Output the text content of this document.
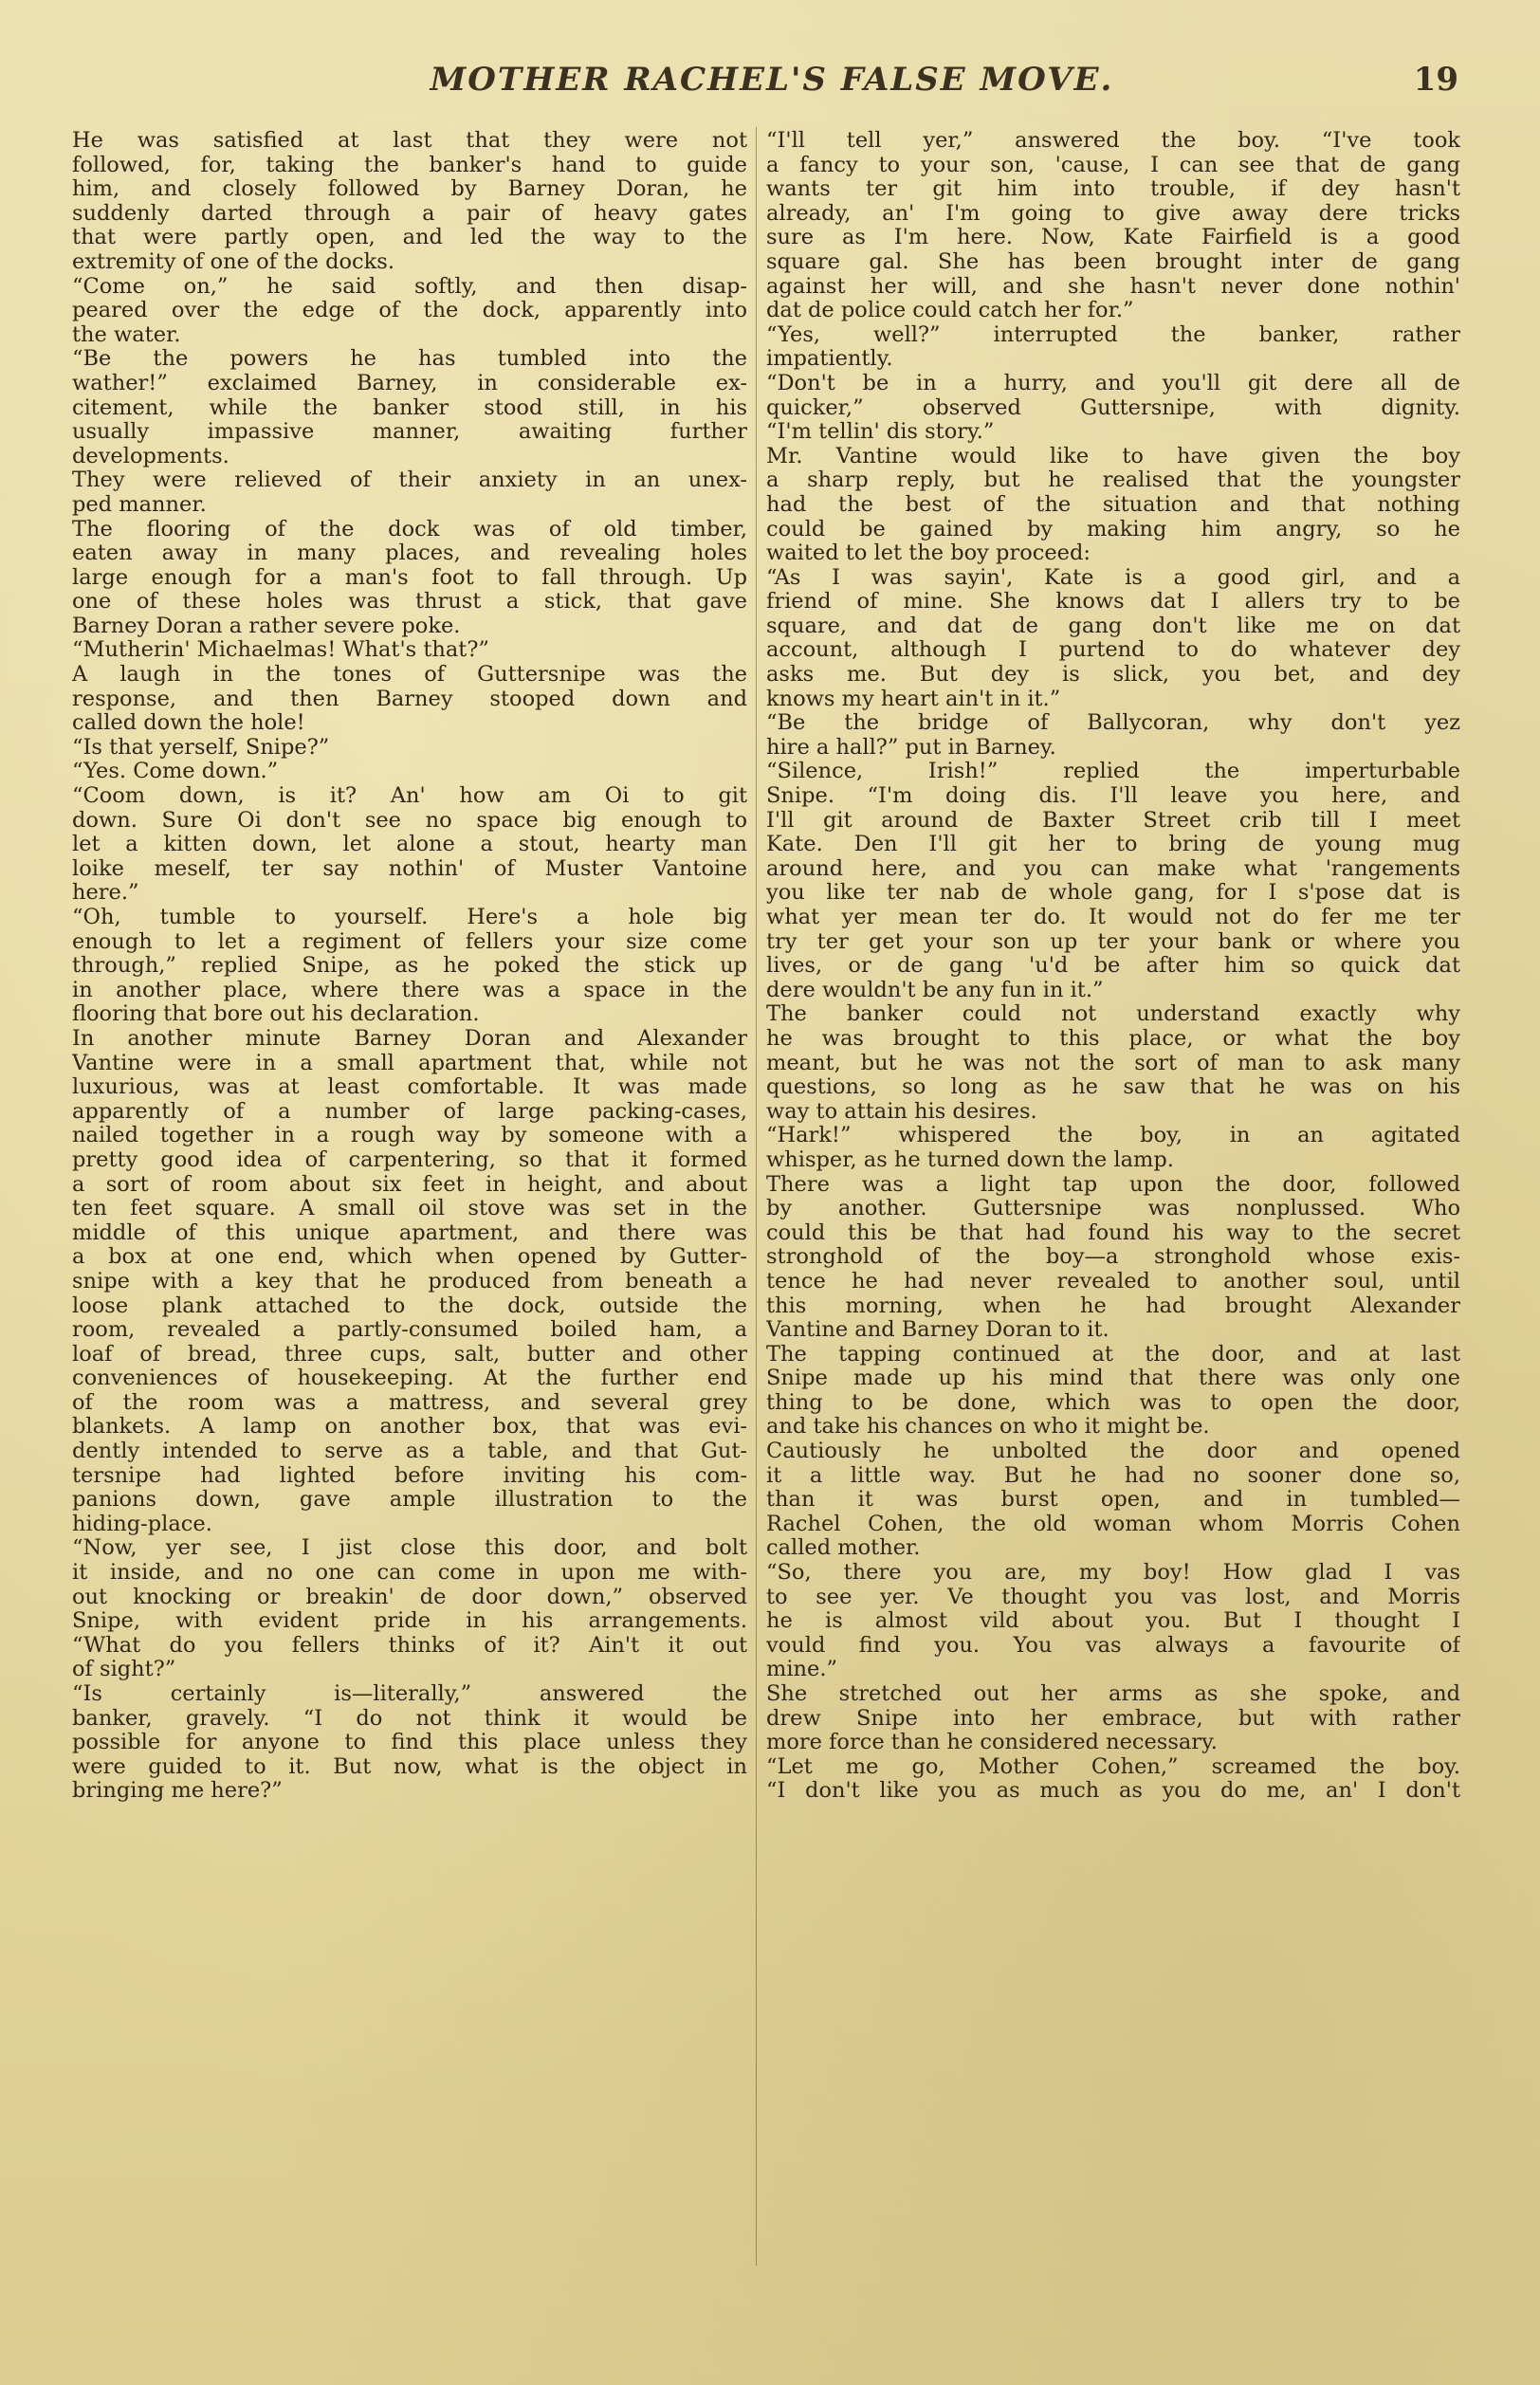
MOTHER RACHEL'S FALSE MOVE.	19
He was satisfied at last that they were not
followed, for, taking the banker's hand to guide
him, and closely followed by Barney Doran, he
suddenly darted through a pair of heavy gates
that were partly open, and led the way to the
extremity of one of the docks.
“Come on,” he said softly, and then disap-
peared over the edge of the dock, apparently into
the water.
“Be the powers he has tumbled into the
wather!” exclaimed Barney, in considerable ex-
citement, while the banker stood still, in his
usually impassive manner, awaiting further
developments.
They were relieved of their anxiety in an unex-
ped manner.
The flooring of the dock was of old timber,
eaten away in many places, and revealing holes
large enough for a man's foot to fall through. Up
one of these holes was thrust a stick, that gave
Barney Doran a rather severe poke.
“Mutherin' Michaelmas! What's that?”
A laugh in the tones of Guttersnipe was the
response, and then Barney stooped down and
called down the hole!
“Is that yerself, Snipe?”
“Yes. Come down.”
“Coom down, is it? An' how am Oi to git
down. Sure Oi don't see no space big enough to
let a kitten down, let alone a stout, hearty man
loike meself, ter say nothin' of Muster Vantoine
here.”
“Oh, tumble to yourself. Here's a hole big
enough to let a regiment of fellers your size come
through,” replied Snipe, as he poked the stick up
in another place, where there was a space in the
flooring that bore out his declaration.
In another minute Barney Doran and Alexander
Vantine were in a small apartment that, while not
luxurious, was at least comfortable. It was made
apparently of a number of large packing-cases,
nailed together in a rough way by someone with a
pretty good idea of carpentering, so that it formed
a sort of room about six feet in height, and about
ten feet square. A small oil stove was set in the
middle of this unique apartment, and there was
a box at one end, which when opened by Gutter-
snipe with a key that he produced from beneath a
loose plank attached to the dock, outside the
room, revealed a partly-consumed boiled ham, a
loaf of bread, three cups, salt, butter and other
conveniences of housekeeping. At the further end
of the room was a mattress, and several grey
blankets. A lamp on another box, that was evi-
dently intended to serve as a table, and that Gut-
tersnipe had lighted before inviting his com-
panions down, gave ample illustration to the
hiding-place.
“Now, yer see, I jist close this door, and bolt
it inside, and no one can come in upon me with-
out knocking or breakin' de door down,” observed
Snipe, with evident pride in his arrangements.
“What do you fellers thinks of it? Ain't it out
of sight?”
“Is certainly is—literally,” answered the
banker, gravely. “I do not think it would be
possible for anyone to find this place unless they
were guided to it. But now, what is the object in
bringing me here?”
“I'll tell yer,” answered the boy. “I've took
a fancy to your son, 'cause, I can see that de gang
wants ter git him into trouble, if dey hasn't
already, an' I'm going to give away dere tricks
sure as I'm here. Now, Kate Fairfield is a good
square gal. She has been brought inter de gang
against her will, and she hasn't never done nothin'
dat de police could catch her for.”
“Yes, well?” interrupted the banker, rather
impatiently.
“Don't be in a hurry, and you'll git dere all de
quicker,” observed Guttersnipe, with dignity.
“I'm tellin' dis story.”
Mr. Vantine would like to have given the boy
a sharp reply, but he realised that the youngster
had the best of the situation and that nothing
could be gained by making him angry, so he
waited to let the boy proceed:
“As I was sayin', Kate is a good girl, and a
friend of mine. She knows dat I allers try to be
square, and dat de gang don't like me on dat
account, although I purtend to do whatever dey
asks me. But dey is slick, you bet, and dey
knows my heart ain't in it.”
“Be the bridge of Ballycoran, why don't yez
hire a hall?” put in Barney.
“Silence, Irish!” replied the imperturbable
Snipe. “I'm doing dis. I'll leave you here, and
I'll git around de Baxter Street crib till I meet
Kate. Den I'll git her to bring de young mug
around here, and you can make what 'rangements
you like ter nab de whole gang, for I s'pose dat is
what yer mean ter do. It would not do fer me ter
try ter get your son up ter your bank or where you
lives, or de gang 'u'd be after him so quick dat
dere wouldn't be any fun in it.”
The banker could not understand exactly why
he was brought to this place, or what the boy
meant, but he was not the sort of man to ask many
questions, so long as he saw that he was on his
way to attain his desires.
“Hark!” whispered the boy, in an agitated
whisper, as he turned down the lamp.
There was a light tap upon the door, followed
by another. Guttersnipe was nonplussed. Who
could this be that had found his way to the secret
stronghold of the boy—a stronghold whose exis-
tence he had never revealed to another soul, until
this morning, when he had brought Alexander
Vantine and Barney Doran to it.
The tapping continued at the door, and at last
Snipe made up his mind that there was only one
thing to be done, which was to open the door,
and take his chances on who it might be.
Cautiously he unbolted the door and opened
it a little way. But he had no sooner done so,
than it was burst open, and in tumbled—
Rachel Cohen, the old woman whom Morris Cohen
called mother.
“So, there you are, my boy! How glad I vas
to see yer. Ve thought you vas lost, and Morris
he is almost vild about you. But I thought I
vould find you. You vas always a favourite of
mine.”
She stretched out her arms as she spoke, and
drew Snipe into her embrace, but with rather
more force than he considered necessary.
“Let me go, Mother Cohen,” screamed the boy.
“I don't like you as much as you do me, an' I don't
